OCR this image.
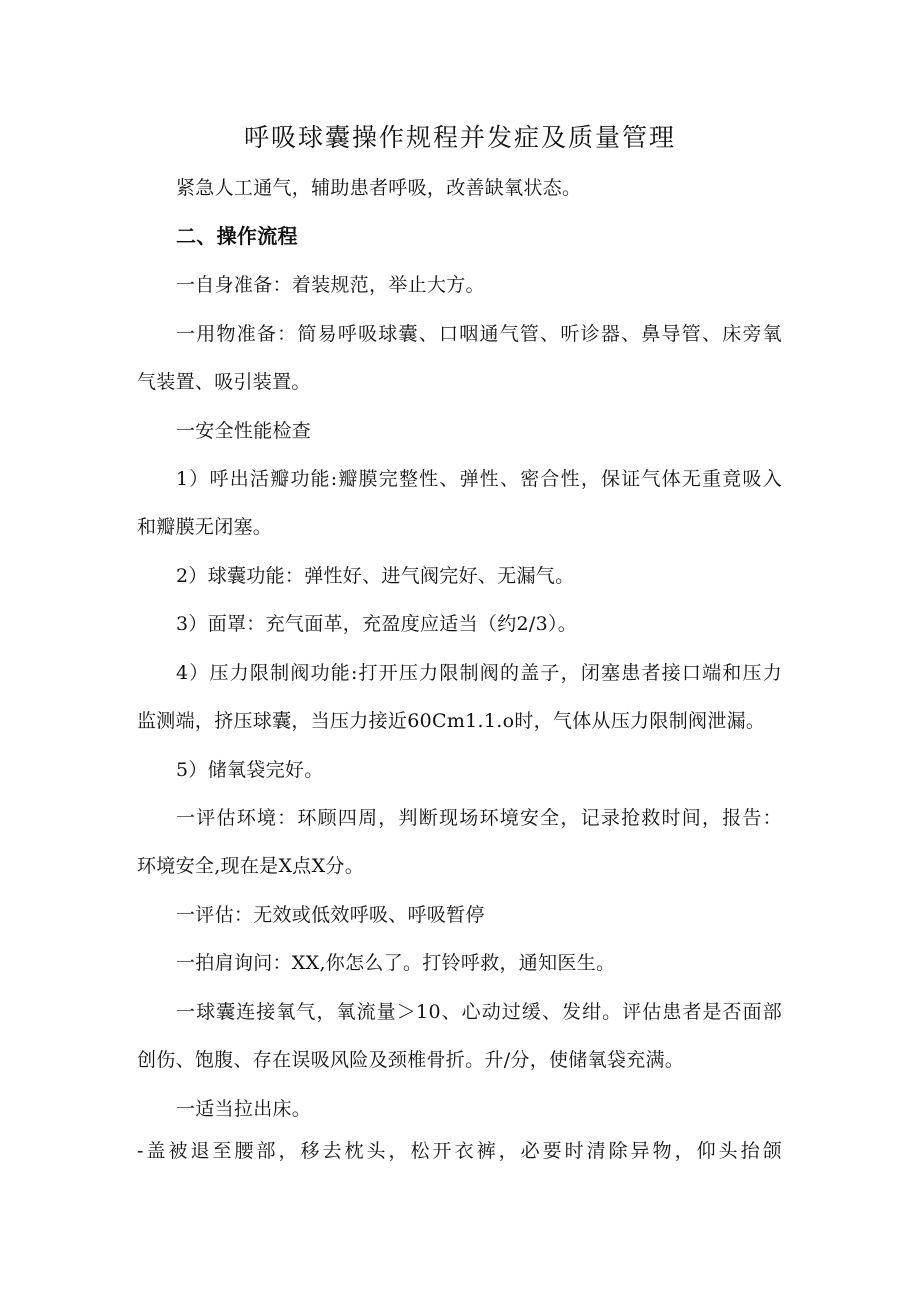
呼吸球囊操作规程并发症及质量管理
紧急人工通气，辅助患者呼吸，改善缺氧状态。
二、操作流程
一自身准备：着装规范，举止大方。
一用物准备：简易呼吸球囊、口咽通气管、听诊器、鼻导管、床旁氧
气装置、吸引装置。
一安全性能检查
1）呼出活瓣功能:瓣膜完整性、弹性、密合性，保证气体无重竟吸入
和瓣膜无闭塞。
2）球囊功能：弹性好、进气阀完好、无漏气。
3）面罩：充气面革，充盈度应适当（约2/3）。
4）压力限制阀功能:打开压力限制阀的盖子，闭塞患者接口端和压力
监测端，挤压球囊，当压力接近60Cm1.1.o时，气体从压力限制阀泄漏。
5）储氧袋完好。
一评估环境：环顾四周，判断现场环境安全，记录抢救时间，报告：
环境安全,现在是X点X分。
一评估：无效或低效呼吸、呼吸暂停
一拍肩询问：XX,你怎么了。打铃呼救，通知医生。
一球囊连接氧气，氧流量＞10、心动过缓、发绀。评估患者是否面部
创伤、饱腹、存在误吸风险及颈椎骨折。升/分，使储氧袋充满。
一适当拉出床。
-盖被退至腰部，移去枕头，松开衣裤，必要时清除异物，仰头抬颌
